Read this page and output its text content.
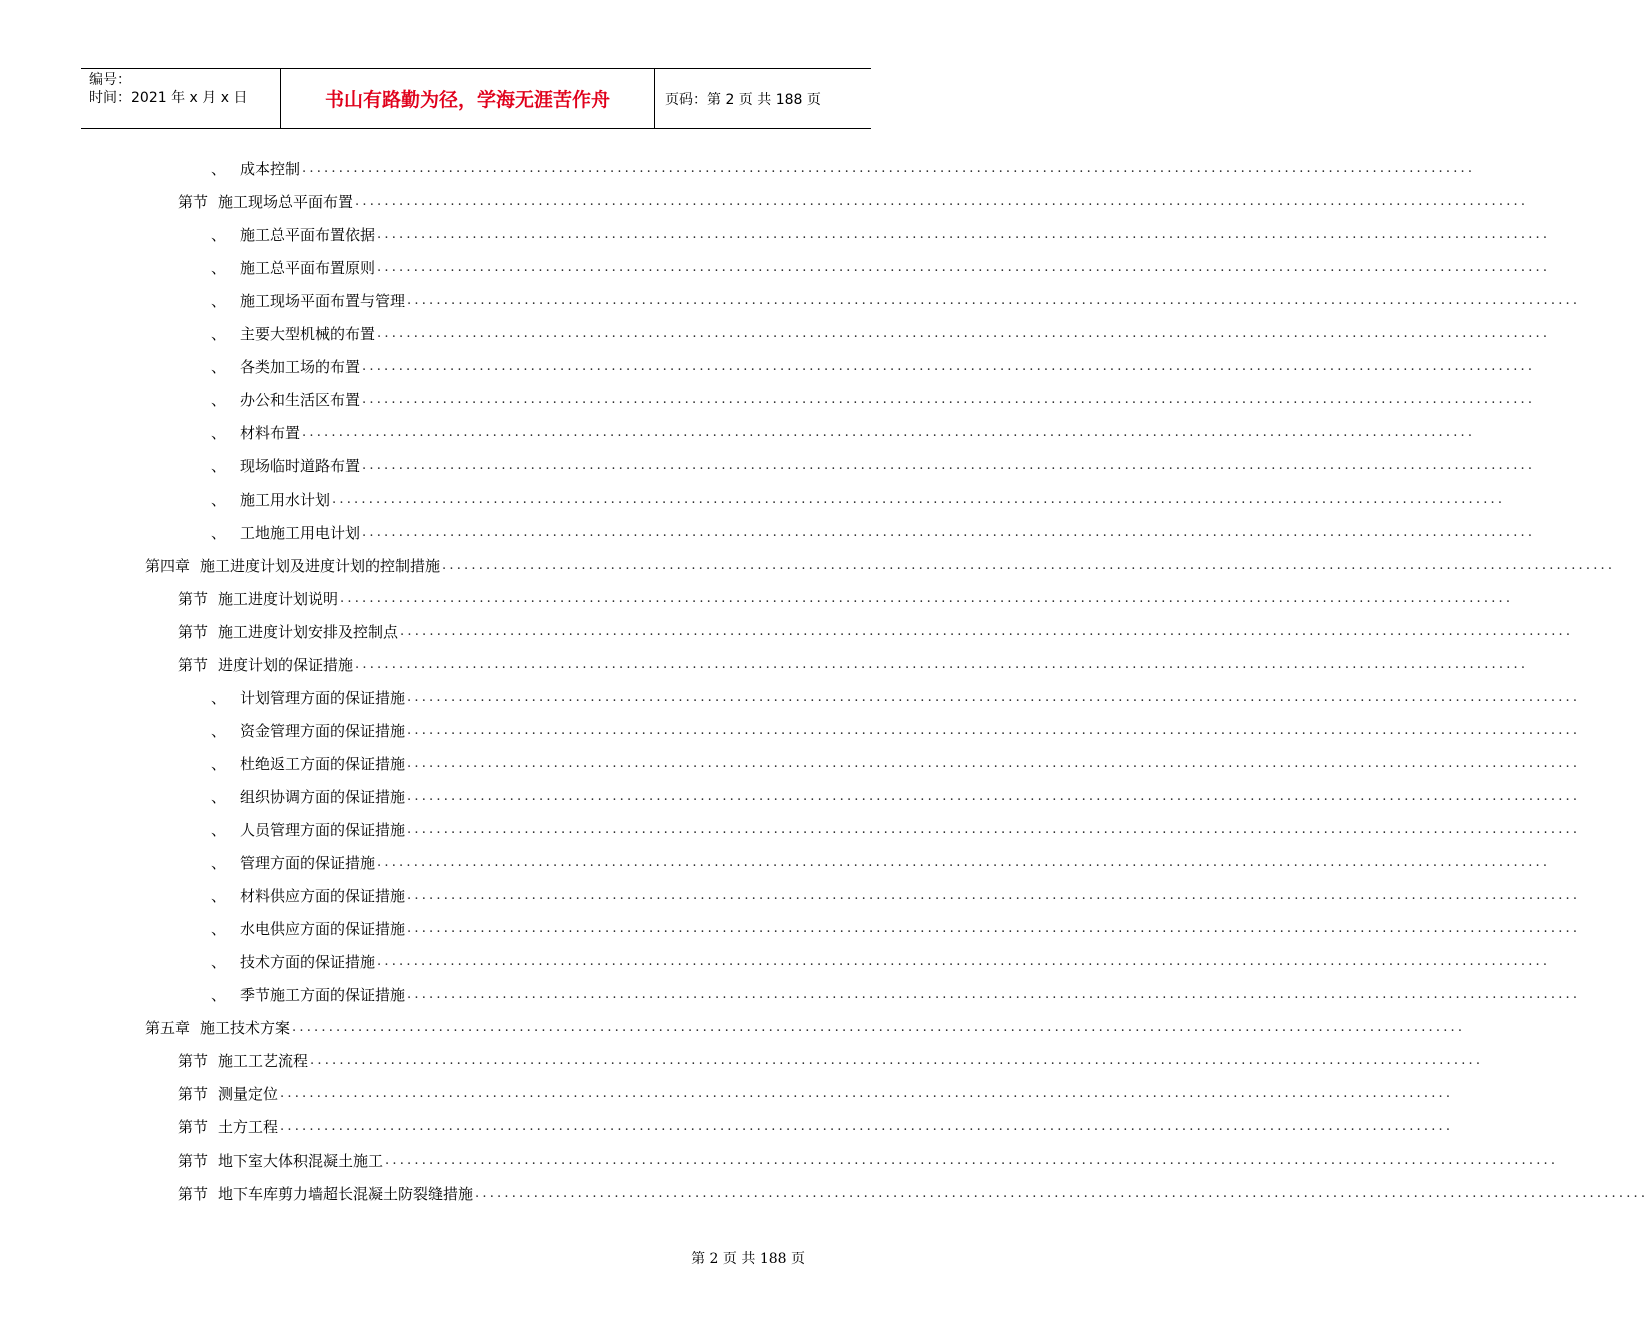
编号：
时间：2021 年 x 月 x 日	书山有路勤为径，学海无涯苦作舟	页码：第 2 页 共 188 页
、 成本控制 ................................................................................................................................................................
第节 施工现场总平面布置 ................................................................................................................................................................
、 施工总平面布置依据 ................................................................................................................................................................
、 施工总平面布置原则 ................................................................................................................................................................
、 施工现场平面布置与管理 ................................................................................................................................................................
、 主要大型机械的布置 ................................................................................................................................................................
、 各类加工场的布置 ................................................................................................................................................................
、 办公和生活区布置 ................................................................................................................................................................
、 材料布置 ................................................................................................................................................................
、 现场临时道路布置 ................................................................................................................................................................
、 施工用水计划 ................................................................................................................................................................
、 工地施工用电计划 ................................................................................................................................................................
第四章 施工进度计划及进度计划的控制措施 ................................................................................................................................................................
第节 施工进度计划说明 ................................................................................................................................................................
第节 施工进度计划安排及控制点 ................................................................................................................................................................
第节 进度计划的保证措施 ................................................................................................................................................................
、 计划管理方面的保证措施 ................................................................................................................................................................
、 资金管理方面的保证措施 ................................................................................................................................................................
、 杜绝返工方面的保证措施 ................................................................................................................................................................
、 组织协调方面的保证措施 ................................................................................................................................................................
、 人员管理方面的保证措施 ................................................................................................................................................................
、 管理方面的保证措施 ................................................................................................................................................................
、 材料供应方面的保证措施 ................................................................................................................................................................
、 水电供应方面的保证措施 ................................................................................................................................................................
、 技术方面的保证措施 ................................................................................................................................................................
、 季节施工方面的保证措施 ................................................................................................................................................................
第五章 施工技术方案 ................................................................................................................................................................
第节 施工工艺流程 ................................................................................................................................................................
第节 测量定位 ................................................................................................................................................................
第节 土方工程 ................................................................................................................................................................
第节 地下室大体积混凝土施工 ................................................................................................................................................................
第节 地下车库剪力墙超长混凝土防裂缝措施 ................................................................................................................................................................
第 2 页 共 188 页
